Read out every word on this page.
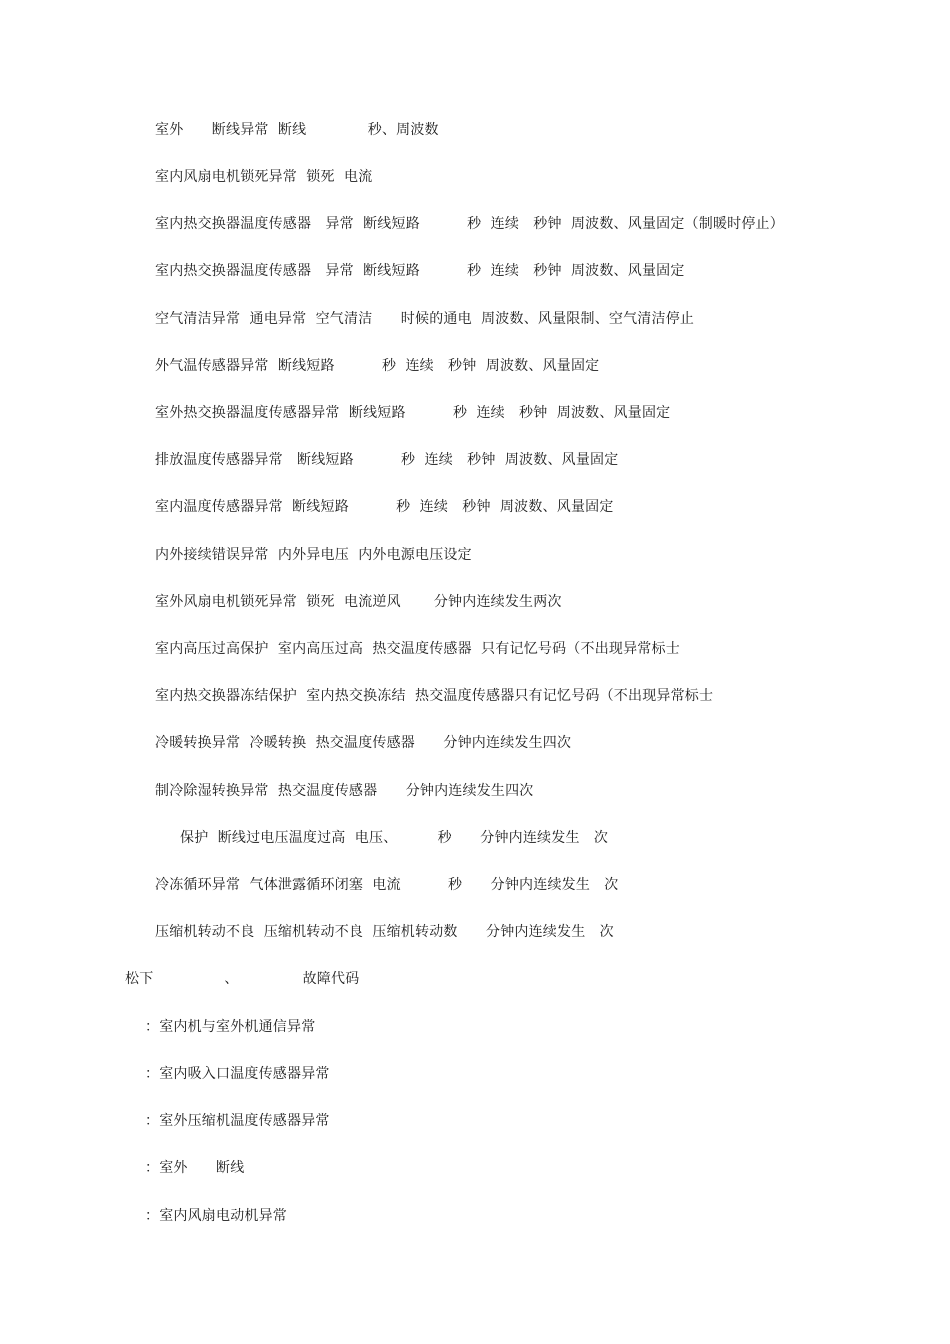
室外　　断线异常  断线　　　　 秒、周波数
室内风扇电机锁死异常  锁死  电流
室内热交换器温度传感器　异常  断线短路　　　 秒  连续　秒钟  周波数、风量固定（制暖时停止）
室内热交换器温度传感器　异常  断线短路　　　 秒  连续　秒钟  周波数、风量固定
空气清洁异常  通电异常  空气清洁　　时候的通电  周波数、风量限制、空气清洁停止
外气温传感器异常  断线短路　　　 秒  连续　秒钟  周波数、风量固定
室外热交换器温度传感器异常  断线短路　　　 秒  连续　秒钟  周波数、风量固定
排放温度传感器异常　断线短路　　　 秒  连续　秒钟  周波数、风量固定
室内温度传感器异常  断线短路　　　 秒  连续　秒钟  周波数、风量固定
内外接续错误异常  内外异电压  内外电源电压设定
室外风扇电机锁死异常  锁死  电流逆风　　 分钟内连续发生两次
室内高压过高保护  室内高压过高  热交温度传感器  只有记忆号码（不出现异常标士
室内热交换器冻结保护  室内热交换冻结  热交温度传感器只有记忆号码（不出现异常标士
冷暖转换异常  冷暖转换  热交温度传感器　　分钟内连续发生四次
制冷除湿转换异常  热交温度传感器　　分钟内连续发生四次
保护  断线过电压温度过高  电压、　　　 秒　　分钟内连续发生　次
冷冻循环异常  气体泄露循环闭塞  电流　　　 秒　　分钟内连续发生　次
压缩机转动不良  压缩机转动不良  压缩机转动数　　分钟内连续发生　次
松下　　　　　、　　　　　故障代码
：室内机与室外机通信异常
：室内吸入口温度传感器异常
：室外压缩机温度传感器异常
：室外　　断线
：室内风扇电动机异常
